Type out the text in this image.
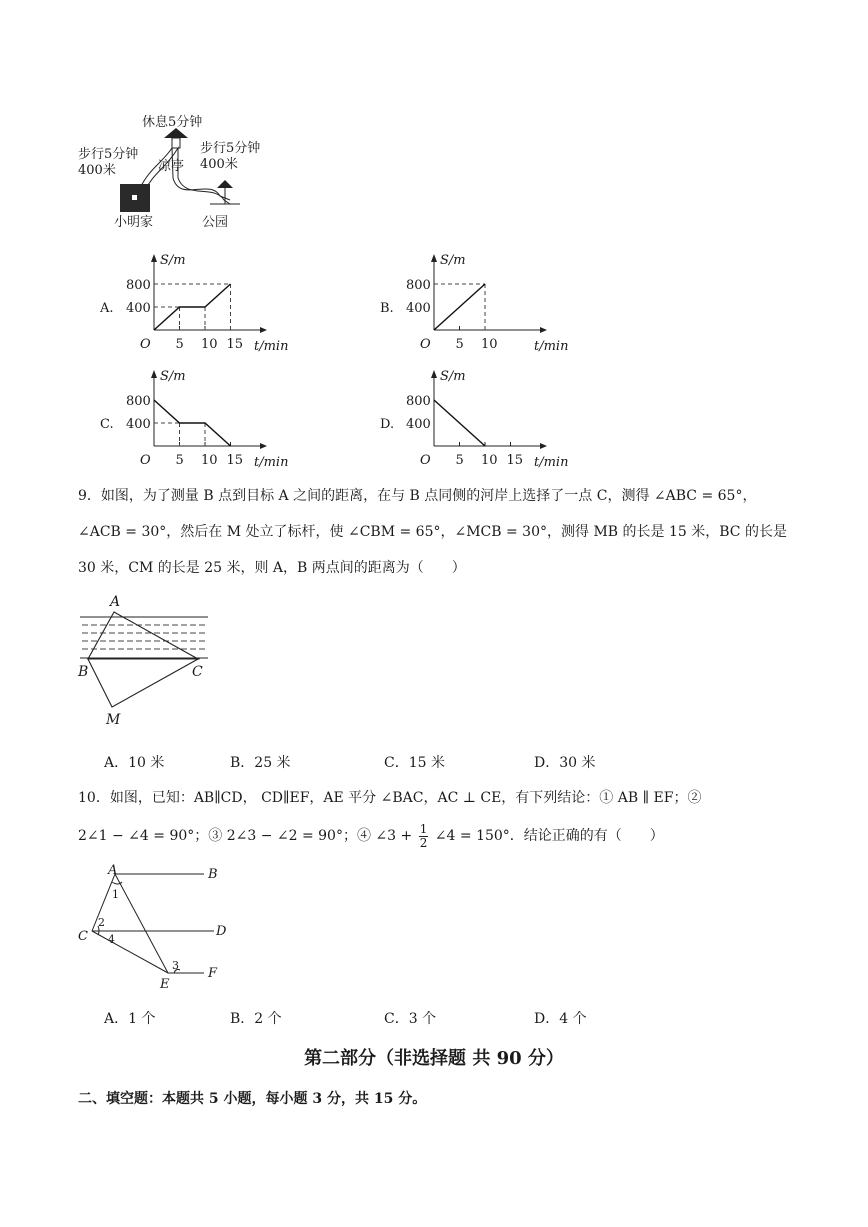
休息5分钟
步行5分钟
400米	凉亭
步行5分钟
400米
小明家	公园
S/m
t/min
O
A.
800
400
5 10 15
S/m
t/min
O
B.
800
400
5 10
S/m
t/min
O
C.
800
400
5 10 15
S/m
t/min
O
D.
800
400
5 10 15
9．如图，为了测量 B 点到目标 A 之间的距离，在与 B 点同侧的河岸上选择了一点 C，测得 ∠ABC = 65°，
∠ACB = 30°，然后在 M 处立了标杆，使 ∠CBM = 65°，∠MCB = 30°，测得 MB 的长是 15 米，BC 的长是
30 米，CM 的长是 25 米，则 A，B 两点间的距离为（　　）
A
B	C
M
A．10 米	B．25 米	C．15 米	D．30 米
10．如图，已知：AB∥CD， CD∥EF，AE 平分 ∠BAC，AC ⊥ CE，有下列结论：① AB ∥ EF；②
2∠1 − ∠4 = 90°；③ 2∠3 − ∠2 = 90°；④ ∠3 + $\frac{1}{2}$ ∠4 = 150°．结论正确的有（　　）
A	B
C	D
E
F
1
2
3
4
A．1 个	B．2 个	C．3 个	D．4 个
第二部分（非选择题 共 90 分）
二、填空题：本题共 5 小题，每小题 3 分，共 15 分。
